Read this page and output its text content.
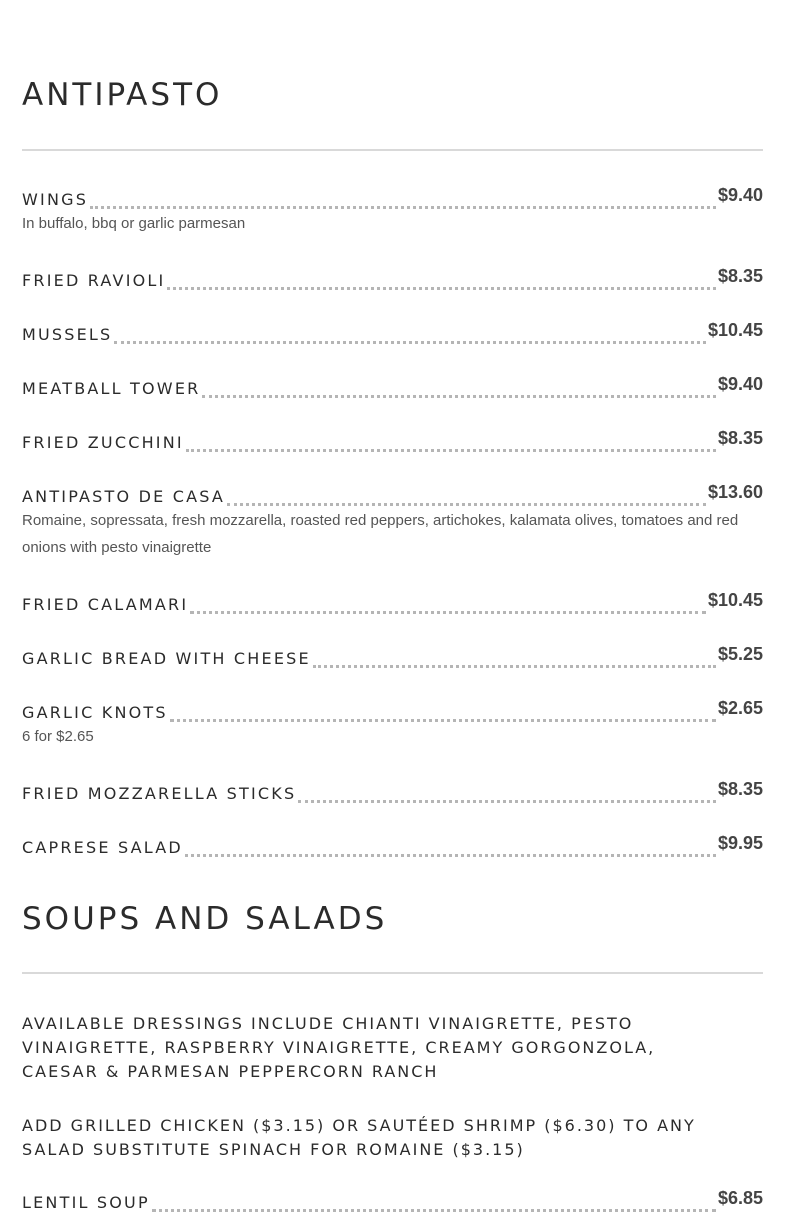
ANTIPASTO
WINGS	$9.40
In buffalo, bbq or garlic parmesan
FRIED RAVIOLI	$8.35
MUSSELS	$10.45
MEATBALL TOWER	$9.40
FRIED ZUCCHINI	$8.35
ANTIPASTO DE CASA	$13.60
Romaine, sopressata, fresh mozzarella, roasted red peppers, artichokes, kalamata olives, tomatoes and red onions with pesto vinaigrette
FRIED CALAMARI	$10.45
GARLIC BREAD WITH CHEESE	$5.25
GARLIC KNOTS	$2.65
6 for $2.65
FRIED MOZZARELLA STICKS	$8.35
CAPRESE SALAD	$9.95
SOUPS AND SALADS
AVAILABLE DRESSINGS INCLUDE CHIANTI VINAIGRETTE, PESTO VINAIGRETTE, RASPBERRY VINAIGRETTE, CREAMY GORGONZOLA, CAESAR & PARMESAN PEPPERCORN RANCH
ADD GRILLED CHICKEN ($3.15) OR SAUTÉED SHRIMP ($6.30) TO ANY SALAD SUBSTITUTE SPINACH FOR ROMAINE ($3.15)
LENTIL SOUP	$6.85
